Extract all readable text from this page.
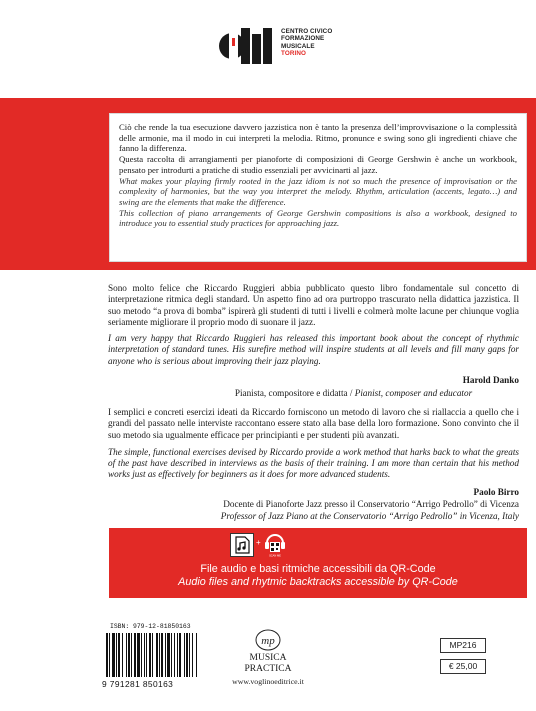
CENTRO CIVICO
FORMAZIONE
MUSICALE
TORINO

Ciò che rende la tua esecuzione davvero jazzistica non è tanto la presenza dell’improvvisazione o la complessità delle armonie, ma il modo in cui interpreti la melodia. Ritmo, pronunce e swing sono gli ingredienti chiave che fanno la differenza.

Questa raccolta di arrangiamenti per pianoforte di composizioni di George Gershwin è anche un workbook, pensato per introdurti a pratiche di studio essenziali per avvicinarti al jazz.

What makes your playing firmly rooted in the jazz idiom is not so much the presence of improvisation or the complexity of harmonies, but the way you interpret the melody. Rhythm, articulation (accents, legato…) and swing are the elements that make the difference.

This collection of piano arrangements of George Gershwin compositions is also a workbook, designed to introduce you to essential study practices for approaching jazz.

Sono molto felice che Riccardo Ruggieri abbia pubblicato questo libro fondamentale sul concetto di interpretazione ritmica degli standard. Un aspetto fino ad ora purtroppo trascurato nella didattica jazzistica. Il suo metodo “a prova di bomba” ispirerà gli studenti di tutti i livelli e colmerà molte lacune per chiunque voglia seriamente migliorare il proprio modo di suonare il jazz.

I am very happy that Riccardo Ruggieri has released this important book about the concept of rhythmic interpretation of standard tunes. His surefire method will inspire students at all levels and fill many gaps for anyone who is serious about improving their jazz playing.

Harold Danko

Pianista, compositore e didatta / Pianist, composer and educator

I semplici e concreti esercizi ideati da Riccardo forniscono un metodo di lavoro che si riallaccia a quello che i grandi del passato nelle interviste raccontano essere stato alla base della loro formazione. Sono convinto che il suo metodo sia ugualmente efficace per principianti e per studenti più avanzati.

The simple, functional exercises devised by Riccardo provide a work method that harks back to what the greats of the past have described in interviews as the basis of their training. I am more than certain that his method works just as effectively for beginners as it does for more advanced students.

Paolo Birro

Docente di Pianoforte Jazz presso il Conservatorio “Arrigo Pedrollo” di Vicenza

Professor of Jazz Piano at the Conservatorio “Arrigo Pedrollo” in Vicenza, Italy

+
SCAN ME
File audio e basi ritmiche accessibili da QR-Code
Audio files and rhytmic backtracks accessible by QR-Code
ISBN: 979-12-81850163
9 791281 850163
mp
MUSICA
PRACTICA
www.voglinoeditrice.it
MP216
€ 25,00
